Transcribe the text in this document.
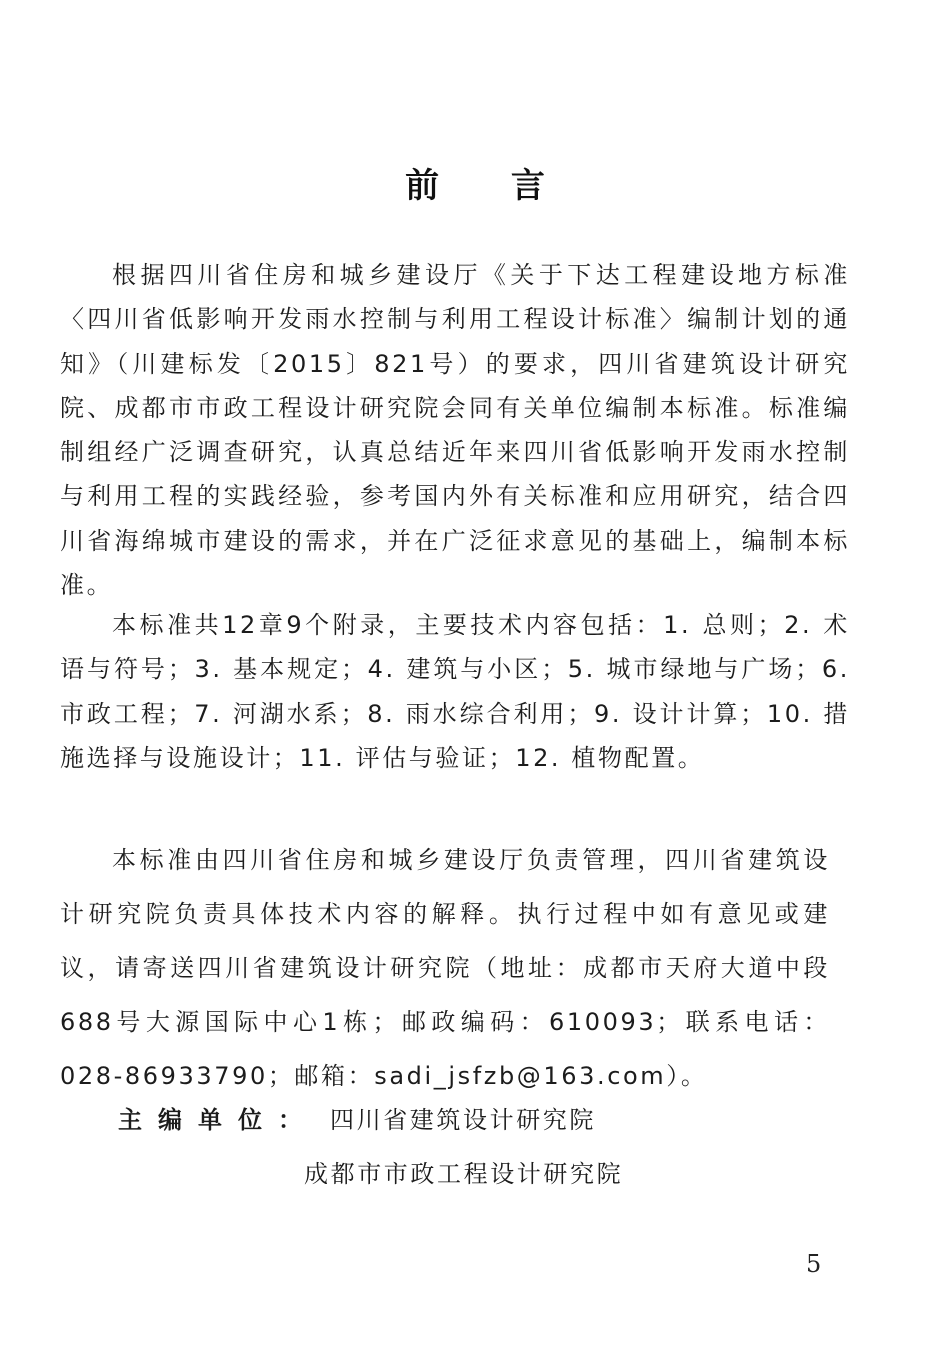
前 言

根据四川省住房和城乡建设厅《关于下达工程建设地方标准〈四川省低影响开发雨水控制与利用工程设计标准〉编制计划的通知》（川建标发〔2015〕821号）的要求，四川省建筑设计研究院、成都市市政工程设计研究院会同有关单位编制本标准。标准编制组经广泛调查研究，认真总结近年来四川省低影响开发雨水控制与利用工程的实践经验，参考国内外有关标准和应用研究，结合四川省海绵城市建设的需求，并在广泛征求意见的基础上，编制本标准。

本标准共12章9个附录，主要技术内容包括：1. 总则；2. 术语与符号；3. 基本规定；4. 建筑与小区；5. 城市绿地与广场；6. 市政工程；7. 河湖水系；8. 雨水综合利用；9. 设计计算；10. 措施选择与设施设计；11. 评估与验证；12. 植物配置。

本标准由四川省住房和城乡建设厅负责管理，四川省建筑设计研究院负责具体技术内容的解释。执行过程中如有意见或建议，请寄送四川省建筑设计研究院（地址：成都市天府大道中段688号大源国际中心1栋；邮政编码：610093；联系电话：028-86933790；邮箱：sadi_jsfzb@163.com）。

主编单位： 四川省建筑设计研究院
成都市市政工程设计研究院
5
